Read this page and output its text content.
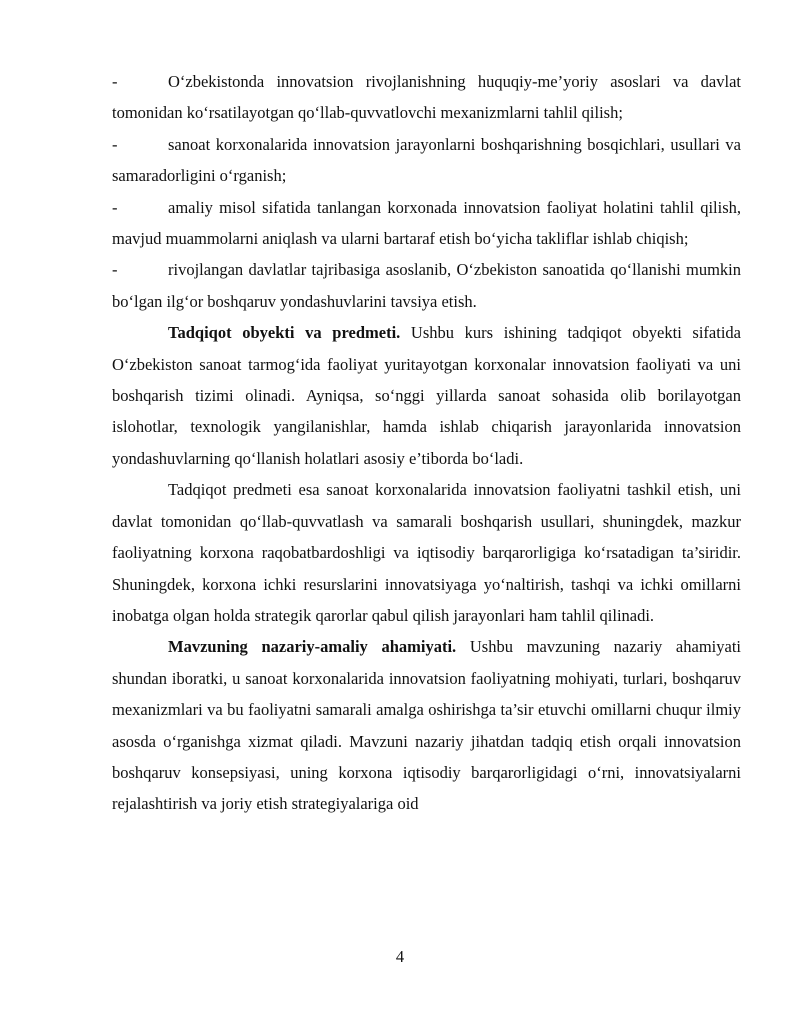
-	O‘zbekistonda innovatsion rivojlanishning huquqiy-me’yoriy asoslari va davlat tomonidan ko‘rsatilayotgan qo‘llab-quvvatlovchi mexanizmlarni tahlil qilish;
-	sanoat korxonalarida innovatsion jarayonlarni boshqarishning bosqichlari, usullari va samaradorligini o‘rganish;
-	amaliy misol sifatida tanlangan korxonada innovatsion faoliyat holatini tahlil qilish, mavjud muammolarni aniqlash va ularni bartaraf etish bo‘yicha takliflar ishlab chiqish;
-	rivojlangan davlatlar tajribasiga asoslanib, O‘zbekiston sanoatida qo‘llanishi mumkin bo‘lgan ilg‘or boshqaruv yondashuvlarini tavsiya etish.

Tadqiqot obyekti va predmeti. Ushbu kurs ishining tadqiqot obyekti sifatida O‘zbekiston sanoat tarmog‘ida faoliyat yuritayotgan korxonalar innovatsion faoliyati va uni boshqarish tizimi olinadi. Ayniqsa, so‘nggi yillarda sanoat sohasida olib borilayotgan islohotlar, texnologik yangilanishlar, hamda ishlab chiqarish jarayonlarida innovatsion yondashuvlarning qo‘llanish holatlari asosiy e’tiborda bo‘ladi.

Tadqiqot predmeti esa sanoat korxonalarida innovatsion faoliyatni tashkil etish, uni davlat tomonidan qo‘llab-quvvatlash va samarali boshqarish usullari, shuningdek, mazkur faoliyatning korxona raqobatbardoshligi va iqtisodiy barqarorligiga ko‘rsatadigan ta’siridir. Shuningdek, korxona ichki resurslarini innovatsiyaga yo‘naltirish, tashqi va ichki omillarni inobatga olgan holda strategik qarorlar qabul qilish jarayonlari ham tahlil qilinadi.

Mavzuning nazariy-amaliy ahamiyati. Ushbu mavzuning nazariy ahamiyati shundan iboratki, u sanoat korxonalarida innovatsion faoliyatning mohiyati, turlari, boshqaruv mexanizmlari va bu faoliyatni samarali amalga oshirishga ta’sir etuvchi omillarni chuqur ilmiy asosda o‘rganishga xizmat qiladi. Mavzuni nazariy jihatdan tadqiq etish orqali innovatsion boshqaruv konsepsiyasi, uning korxona iqtisodiy barqarorligidagi o‘rni, innovatsiyalarni rejalashtirish va joriy etish strategiyalariga oid

4
